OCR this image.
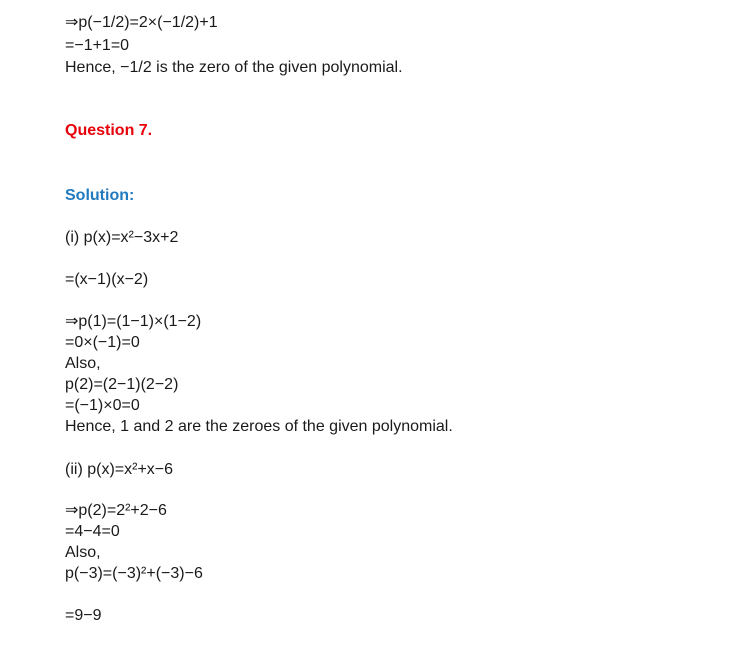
⇒p(−1/2)=2×(−1/2)+1
=−1+1=0
Hence, −1/2 is the zero of the given polynomial.
Question 7.
Solution:
(i) p(x)=x²−3x+2
=(x−1)(x−2)
⇒p(1)=(1−1)×(1−2)
=0×(−1)=0
Also,
p(2)=(2−1)(2−2)
=(−1)×0=0
Hence, 1 and 2 are the zeroes of the given polynomial.
(ii) p(x)=x²+x−6
⇒p(2)=2²+2−6
=4−4=0
Also,
p(−3)=(−3)²+(−3)−6
=9−9
